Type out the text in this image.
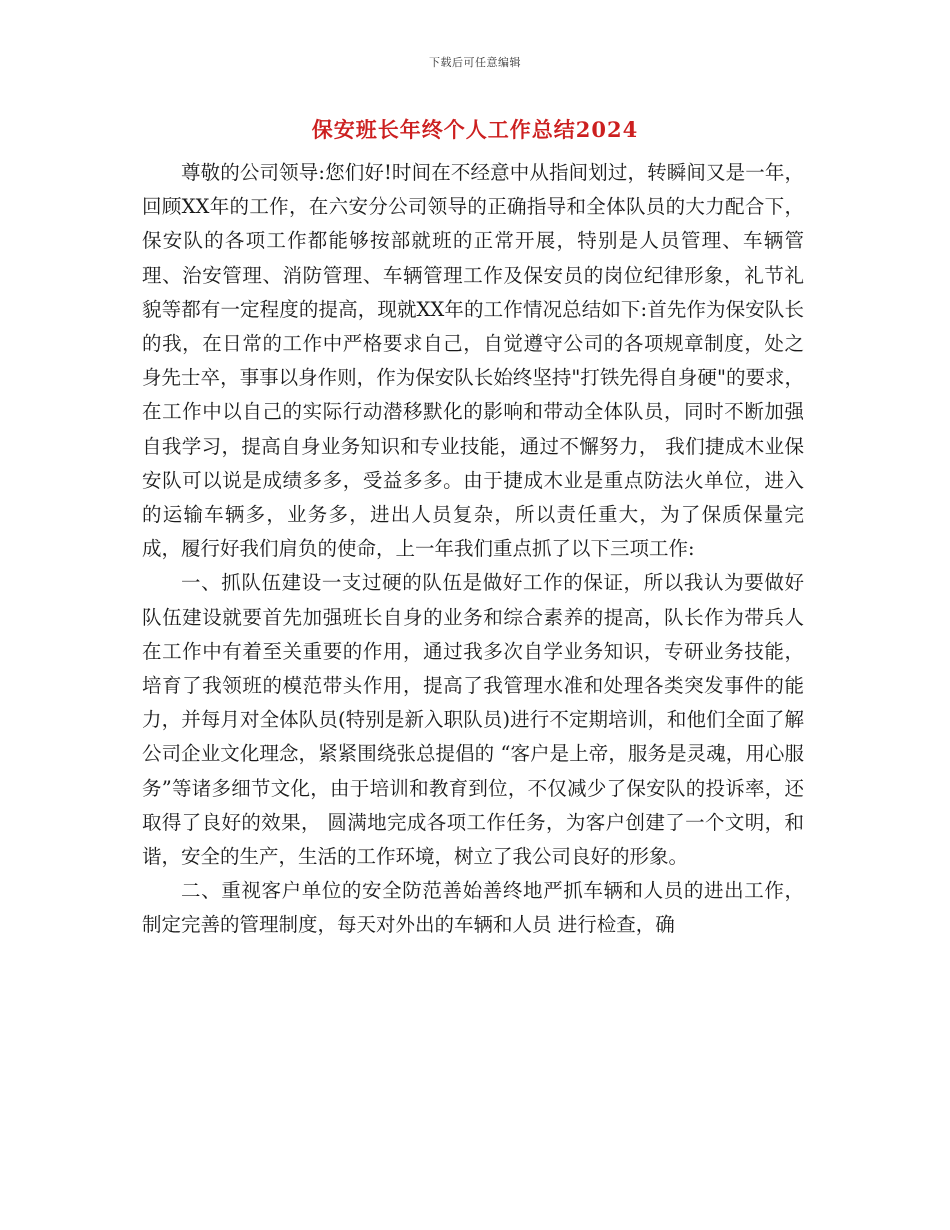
下载后可任意编辑
保安班长年终个人工作总结2024

尊敬的公司领导:您们好!时间在不经意中从指间划过，转瞬间又是一年，回顾XX年的工作，在六安分公司领导的正确指导和全体队员的大力配合下，保安队的各项工作都能够按部就班的正常开展，特别是人员管理、车辆管理、治安管理、消防管理、车辆管理工作及保安员的岗位纪律形象，礼节礼貌等都有一定程度的提高，现就XX年的工作情况总结如下:首先作为保安队长的我，在日常的工作中严格要求自己，自觉遵守公司的各项规章制度，处之身先士卒，事事以身作则，作为保安队长始终坚持"打铁先得自身硬"的要求，在工作中以自己的实际行动潜移默化的影响和带动全体队员，同时不断加强自我学习，提高自身业务知识和专业技能，通过不懈努力， 我们捷成木业保安队可以说是成绩多多，受益多多。由于捷成木业是重点防法火单位，进入的运输车辆多，业务多，进出人员复杂，所以责任重大，为了保质保量完成，履行好我们肩负的使命，上一年我们重点抓了以下三项工作:

一、抓队伍建设一支过硬的队伍是做好工作的保证，所以我认为要做好队伍建设就要首先加强班长自身的业务和综合素养的提高，队长作为带兵人在工作中有着至关重要的作用，通过我多次自学业务知识，专研业务技能，培育了我领班的模范带头作用，提高了我管理水准和处理各类突发事件的能力，并每月对全体队员(特别是新入职队员)进行不定期培训，和他们全面了解公司企业文化理念，紧紧围绕张总提倡的 “客户是上帝，服务是灵魂，用心服务”等诸多细节文化，由于培训和教育到位，不仅减少了保安队的投诉率，还取得了良好的效果， 圆满地完成各项工作任务，为客户创建了一个文明，和谐，安全的生产，生活的工作环境，树立了我公司良好的形象。

二、重视客户单位的安全防范善始善终地严抓车辆和人员的进出工作，制定完善的管理制度，每天对外出的车辆和人员 进行检查，确
